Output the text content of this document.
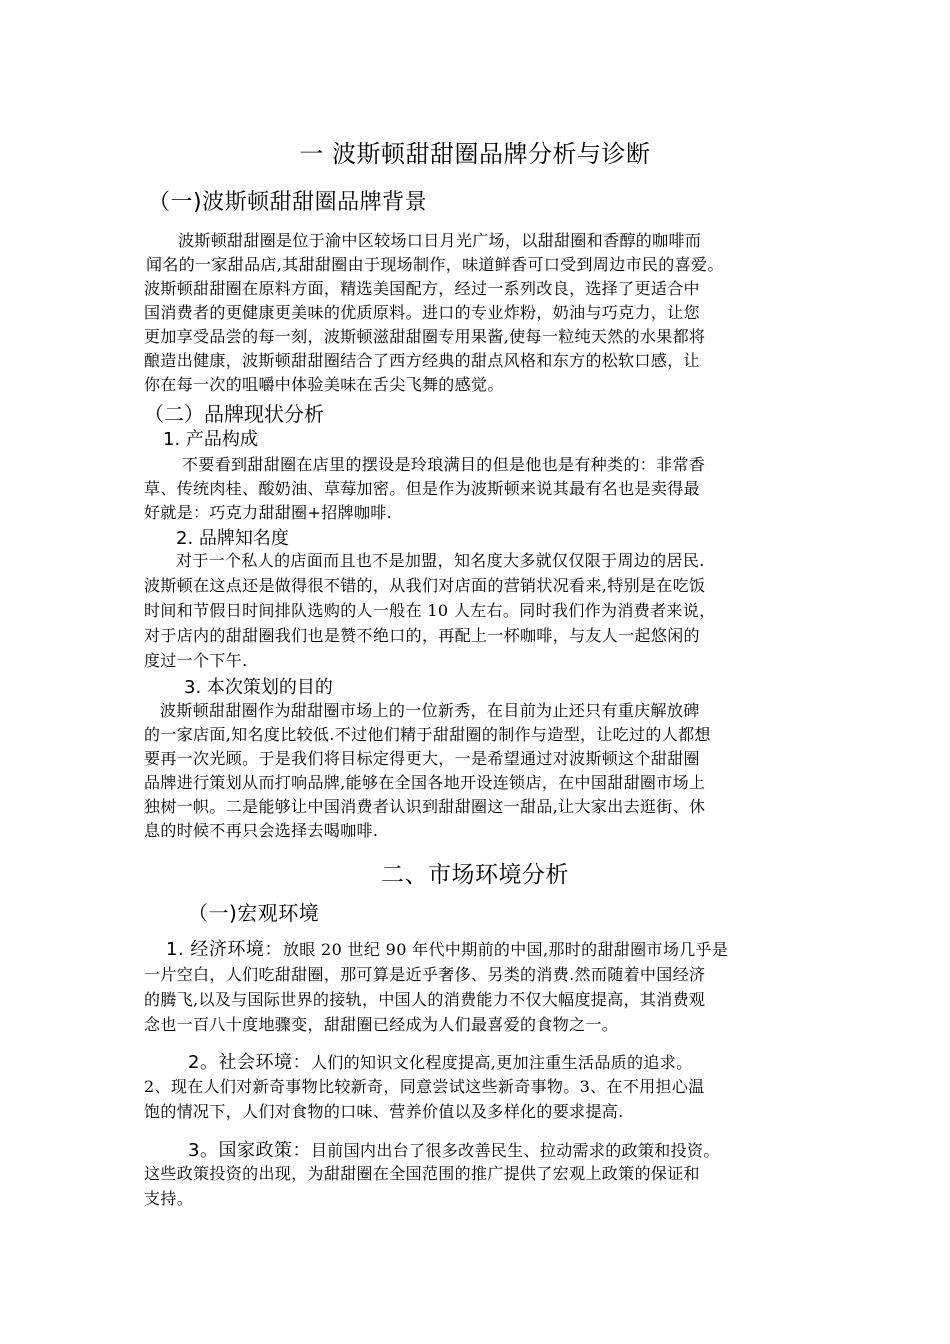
一 波斯顿甜甜圈品牌分析与诊断
（一)波斯顿甜甜圈品牌背景
波斯顿甜甜圈是位于渝中区较场口日月光广场，以甜甜圈和香醇的咖啡而
闻名的一家甜品店,其甜甜圈由于现场制作，味道鲜香可口受到周边市民的喜爱。
波斯顿甜甜圈在原料方面，精选美国配方，经过一系列改良，选择了更适合中
国消费者的更健康更美味的优质原料。进口的专业炸粉，奶油与巧克力，让您
更加享受品尝的每一刻，波斯顿滋甜甜圈专用果酱,使每一粒纯天然的水果都将
酿造出健康，波斯顿甜甜圈结合了西方经典的甜点风格和东方的松软口感，让
你在每一次的咀嚼中体验美味在舌尖飞舞的感觉。
（二）品牌现状分析
1. 产品构成
不要看到甜甜圈在店里的摆设是玲琅满目的但是他也是有种类的：非常香
草、传统肉桂、酸奶油、草莓加密。但是作为波斯顿来说其最有名也是卖得最
好就是：巧克力甜甜圈+招牌咖啡.
2. 品牌知名度
对于一个私人的店面而且也不是加盟，知名度大多就仅仅限于周边的居民.
波斯顿在这点还是做得很不错的，从我们对店面的营销状况看来,特别是在吃饭
时间和节假日时间排队选购的人一般在 10 人左右。同时我们作为消费者来说，
对于店内的甜甜圈我们也是赞不绝口的，再配上一杯咖啡，与友人一起悠闲的
度过一个下午.
3. 本次策划的目的
波斯顿甜甜圈作为甜甜圈市场上的一位新秀，在目前为止还只有重庆解放碑
的一家店面,知名度比较低.不过他们精于甜甜圈的制作与造型，让吃过的人都想
要再一次光顾。于是我们将目标定得更大，一是希望通过对波斯顿这个甜甜圈
品牌进行策划从而打响品牌,能够在全国各地开设连锁店，在中国甜甜圈市场上
独树一帜。二是能够让中国消费者认识到甜甜圈这一甜品,让大家出去逛街、休
息的时候不再只会选择去喝咖啡.
二、市场环境分析
（一)宏观环境
1. 经济环境：放眼 20 世纪 90 年代中期前的中国,那时的甜甜圈市场几乎是
一片空白，人们吃甜甜圈，那可算是近乎奢侈、另类的消费.然而随着中国经济
的腾飞,以及与国际世界的接轨，中国人的消费能力不仅大幅度提高，其消费观
念也一百八十度地骤变，甜甜圈已经成为人们最喜爱的食物之一。
2。社会环境：人们的知识文化程度提高,更加注重生活品质的追求。
2、现在人们对新奇事物比较新奇，同意尝试这些新奇事物。3、在不用担心温
饱的情况下，人们对食物的口味、营养价值以及多样化的要求提高.
3。国家政策：目前国内出台了很多改善民生、拉动需求的政策和投资。
这些政策投资的出现，为甜甜圈在全国范围的推广提供了宏观上政策的保证和
支持。
